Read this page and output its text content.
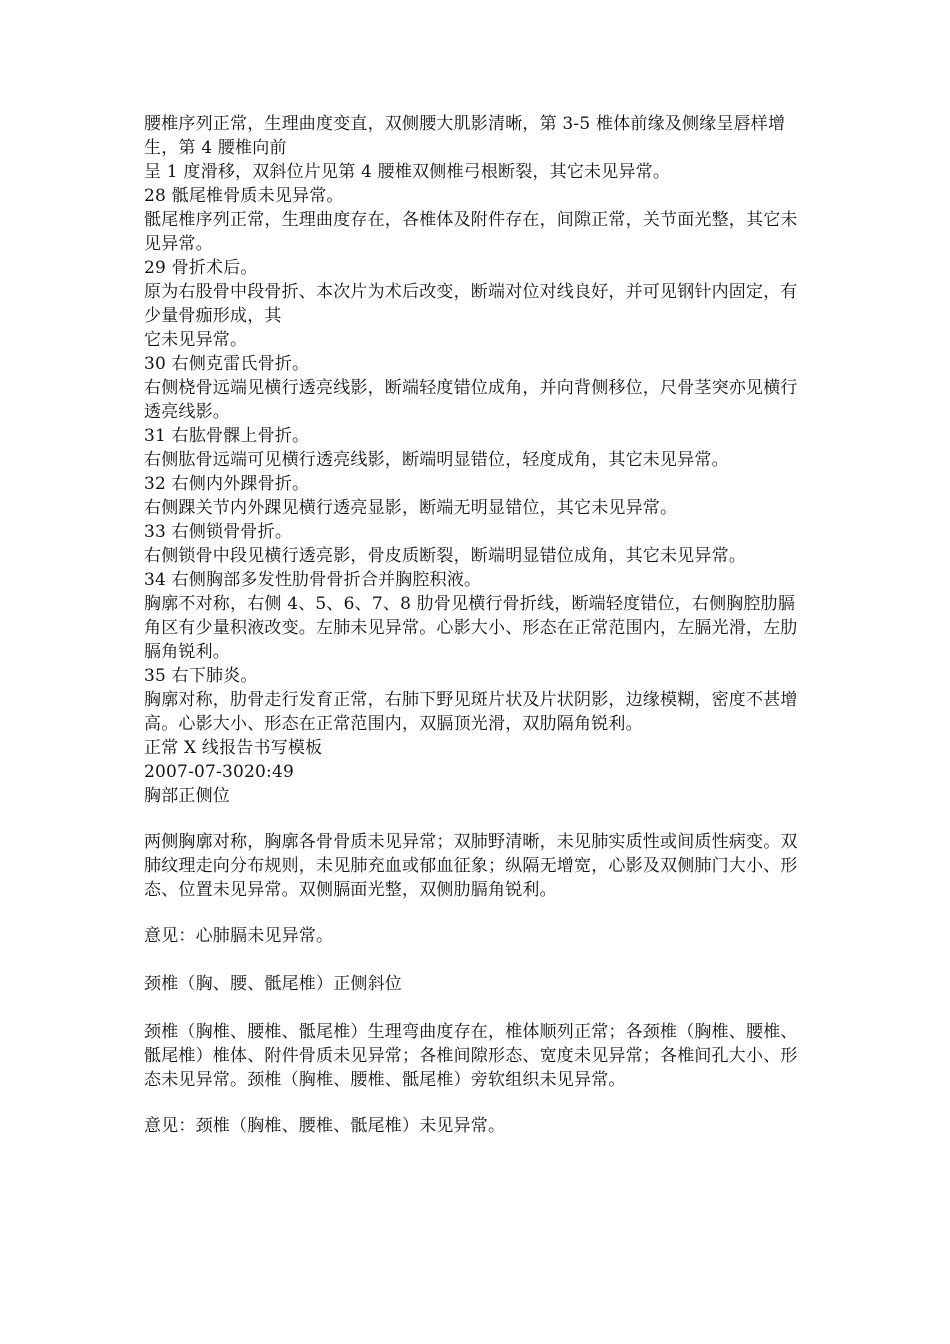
腰椎序列正常，生理曲度变直，双侧腰大肌影清晰，第 3-5 椎体前缘及侧缘呈唇样增生，第 4 腰椎向前

呈 1 度滑移，双斜位片见第 4 腰椎双侧椎弓根断裂，其它未见异常。

28 骶尾椎骨质未见异常。

骶尾椎序列正常，生理曲度存在，各椎体及附件存在，间隙正常，关节面光整，其它未见异常。

29 骨折术后。

原为右股骨中段骨折、本次片为术后改变，断端对位对线良好，并可见钢针内固定，有少量骨痂形成，其

它未见异常。

30 右侧克雷氏骨折。

右侧桡骨远端见横行透亮线影，断端轻度错位成角，并向背侧移位，尺骨茎突亦见横行透亮线影。

31 右肱骨髁上骨折。

右侧肱骨远端可见横行透亮线影，断端明显错位，轻度成角，其它未见异常。

32 右侧内外踝骨折。

右侧踝关节内外踝见横行透亮显影，断端无明显错位，其它未见异常。

33 右侧锁骨骨折。

右侧锁骨中段见横行透亮影，骨皮质断裂，断端明显错位成角，其它未见异常。

34 右侧胸部多发性肋骨骨折合并胸腔积液。

胸廓不对称，右侧 4、5、6、7、8 肋骨见横行骨折线，断端轻度错位，右侧胸腔肋膈角区有少量积液改变。左肺未见异常。心影大小、形态在正常范围内，左膈光滑，左肋膈角锐利。

35 右下肺炎。

胸廓对称，肋骨走行发育正常，右肺下野见斑片状及片状阴影，边缘模糊，密度不甚增高。心影大小、形态在正常范围内，双膈顶光滑，双肋隔角锐利。

正常 X 线报告书写模板

2007-07-3020:49

胸部正侧位

两侧胸廓对称，胸廓各骨骨质未见异常；双肺野清晰，未见肺实质性或间质性病变。双肺纹理走向分布规则，未见肺充血或郁血征象；纵隔无增宽，心影及双侧肺门大小、形态、位置未见异常。双侧膈面光整，双侧肋膈角锐利。

意见：心肺膈未见异常。

颈椎（胸、腰、骶尾椎）正侧斜位

颈椎（胸椎、腰椎、骶尾椎）生理弯曲度存在，椎体顺列正常；各颈椎（胸椎、腰椎、骶尾椎）椎体、附件骨质未见异常；各椎间隙形态、宽度未见异常；各椎间孔大小、形态未见异常。颈椎（胸椎、腰椎、骶尾椎）旁软组织未见异常。

意见：颈椎（胸椎、腰椎、骶尾椎）未见异常。
